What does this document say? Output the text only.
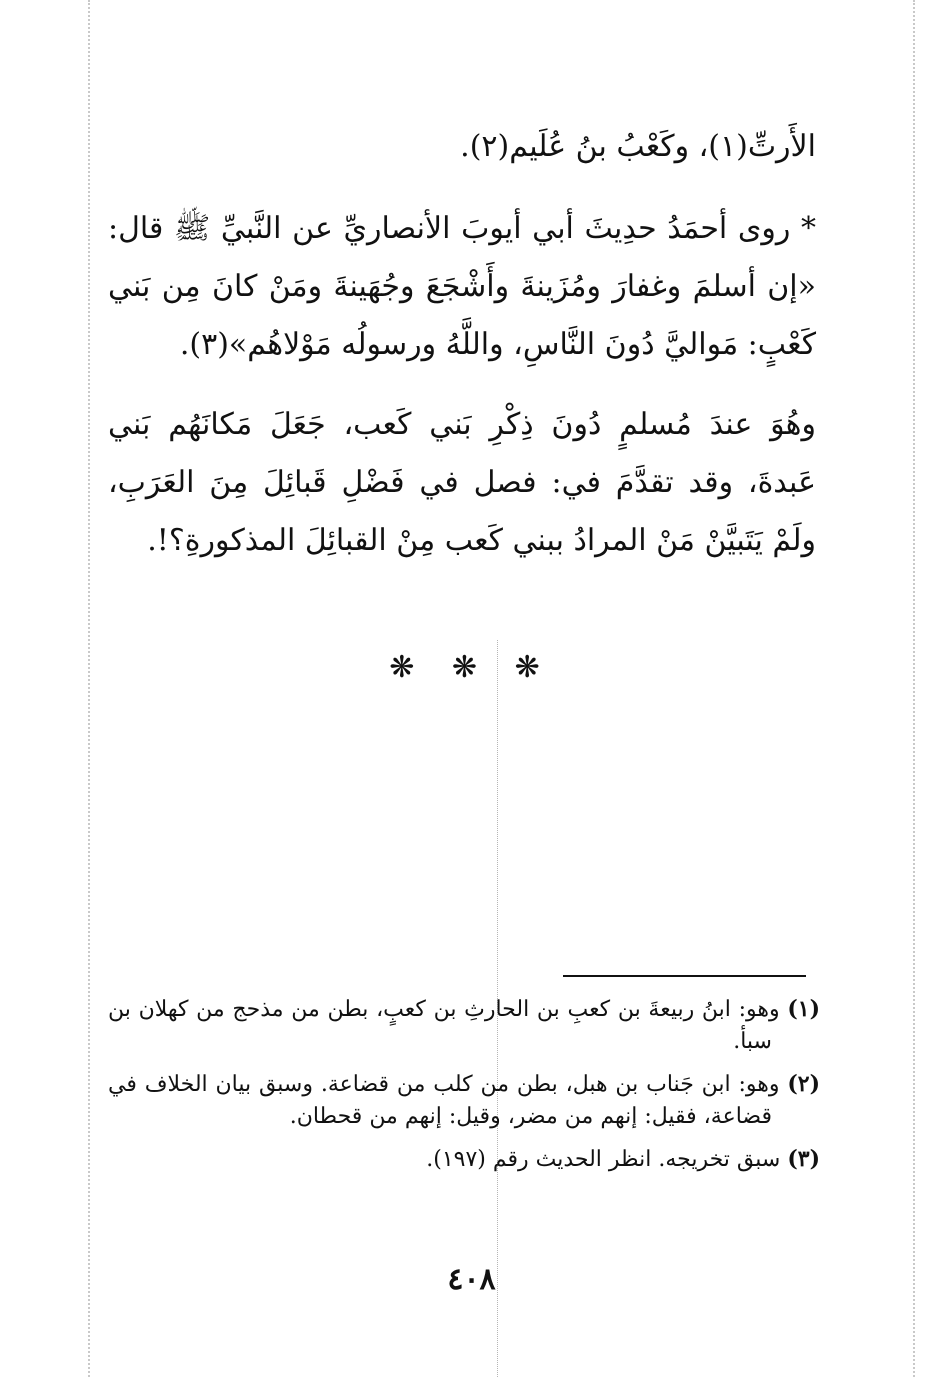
الأَرتِّ(١)، وكَعْبُ بنُ عُلَيم(٢).

* روى أحمَدُ حدِيثَ أبي أيوبَ الأنصاريِّ عن النَّبيِّ ﷺ قال: «إن أسلمَ وغفارَ ومُزَينةَ وأَشْجَعَ وجُهَينةَ ومَنْ كانَ مِن بَني كَعْبٍ: مَواليَّ دُونَ النَّاسِ، واللَّهُ ورسولُه مَوْلاهُم»(٣).

وهُوَ عندَ مُسلمٍ دُونَ ذِكْرِ بَني كَعب، جَعَلَ مَكانَهُم بَني عَبدةَ، وقد تقدَّمَ في: فصل في فَضْلِ قَبائِلَ مِنَ العَرَبِ، ولَمْ يَتَبيَّنْ مَنْ المرادُ ببني كَعب مِنْ القبائِلَ المذكورةِ؟!.

❋ ❋ ❋

(١) وهو: ابنُ ربيعةَ بن كعبِ بن الحارثِ بن كعبٍ، بطن من مذحج من كهلان بن سبأ.

(٢) وهو: ابن جَناب بن هبل، بطن من كلب من قضاعة. وسبق بيان الخلاف في قضاعة، فقيل: إنهم من مضر، وقيل: إنهم من قحطان.

(٣) سبق تخريجه. انظر الحديث رقم (١٩٧).

٤٠٨
